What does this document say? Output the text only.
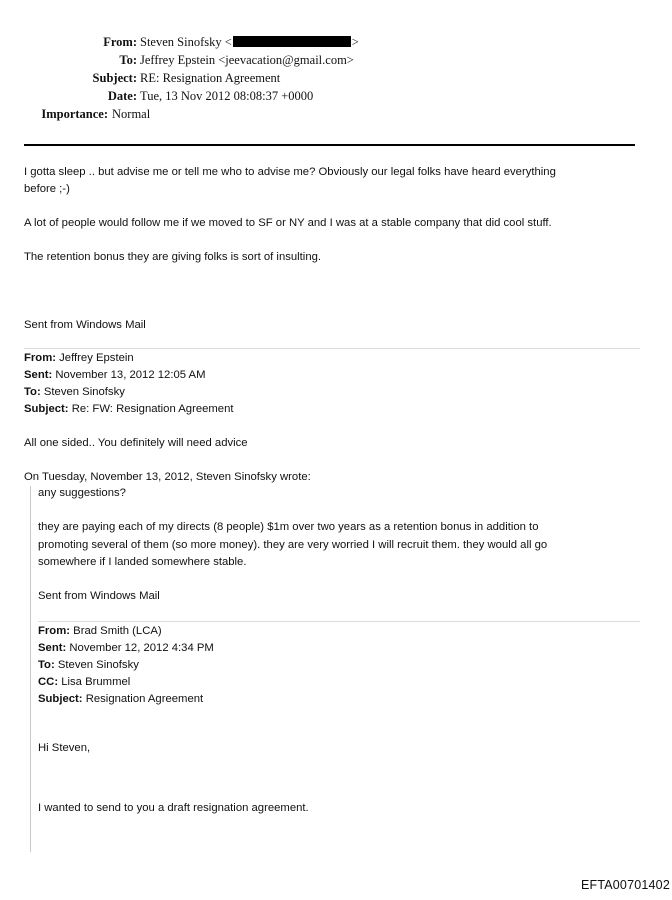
From: Steven Sinofsky <	>
To: Jeffrey Epstein <jeevacation@gmail.com>
Subject: RE: Resignation Agreement
Date: Tue, 13 Nov 2012 08:08:37 +0000
Importance: Normal
I gotta sleep .. but advise me or tell me who to advise me? Obviously our legal folks have heard everything
before ;-)
A lot of people would follow me if we moved to SF or NY and I was at a stable company that did cool stuff.
The retention bonus they are giving folks is sort of insulting.
Sent from Windows Mail
From: Jeffrey Epstein
Sent: November 13, 2012 12:05 AM
To: Steven Sinofsky
Subject: Re: FW: Resignation Agreement
All one sided.. You definitely will need advice
On Tuesday, November 13, 2012, Steven Sinofsky wrote:
any suggestions?
they are paying each of my directs (8 people) $1m over two years as a retention bonus in addition to
promoting several of them (so more money). they are very worried I will recruit them. they would all go
somewhere if I landed somewhere stable.
Sent from Windows Mail
From: Brad Smith (LCA)
Sent: November 12, 2012 4:34 PM
To: Steven Sinofsky
CC: Lisa Brummel
Subject: Resignation Agreement
Hi Steven,
I wanted to send to you a draft resignation agreement.
EFTA00701402
